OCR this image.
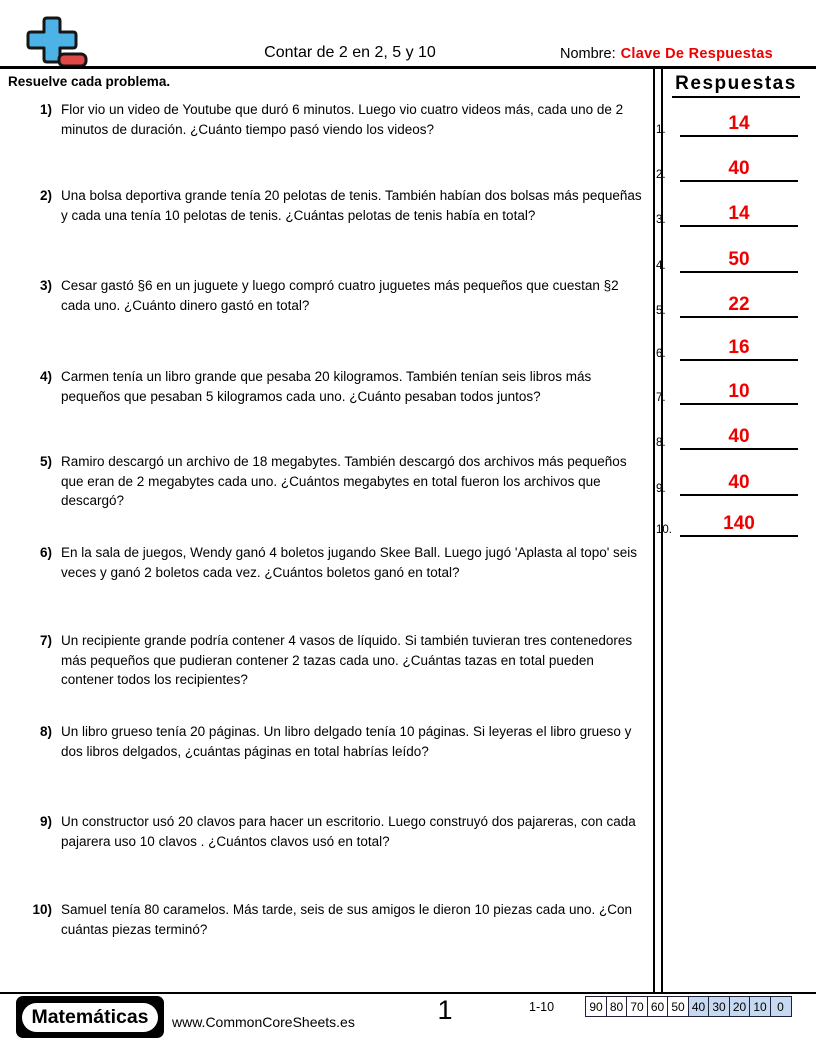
Contar de 2 en 2, 5 y 10	Nombre: Clave De Respuestas
Resuelve cada problema.	Respuestas
1.	14
2.	40
3.	14
4.	50
5.	22
6.	16
7.	10
8.	40
9.	40
10.	140
1) Flor vio un video de Youtube que duró 6 minutos. Luego vio cuatro videos más, cada uno de 2 minutos de duración. ¿Cuánto tiempo pasó viendo los videos?
2) Una bolsa deportiva grande tenía 20 pelotas de tenis. También habían dos bolsas más pequeñas y cada una tenía 10 pelotas de tenis. ¿Cuántas pelotas de tenis había en total?
3) Cesar gastó §6 en un juguete y luego compró cuatro juguetes más pequeños que cuestan §2 cada uno. ¿Cuánto dinero gastó en total?
4) Carmen tenía un libro grande que pesaba 20 kilogramos. También tenían seis libros más pequeños que pesaban 5 kilogramos cada uno. ¿Cuánto pesaban todos juntos?
5) Ramiro descargó un archivo de 18 megabytes. También descargó dos archivos más pequeños que eran de 2 megabytes cada uno. ¿Cuántos megabytes en total fueron los archivos que descargó?
6) En la sala de juegos, Wendy ganó 4 boletos jugando Skee Ball. Luego jugó 'Aplasta al topo' seis veces y ganó 2 boletos cada vez. ¿Cuántos boletos ganó en total?
7) Un recipiente grande podría contener 4 vasos de líquido. Si también tuvieran tres contenedores más pequeños que pudieran contener 2 tazas cada uno. ¿Cuántas tazas en total pueden contener todos los recipientes?
8) Un libro grueso tenía 20 páginas. Un libro delgado tenía 10 páginas. Si leyeras el libro grueso y dos libros delgados, ¿cuántas páginas en total habrías leído?
9) Un constructor usó 20 clavos para hacer un escritorio. Luego construyó dos pajareras, con cada pajarera uso 10 clavos . ¿Cuántos clavos usó en total?
10) Samuel tenía 80 caramelos. Más tarde, seis de sus amigos le dieron 10 piezas cada uno. ¿Con cuántas piezas terminó?
Matemáticas	www.CommonCoreSheets.es	1	1-10	90 80 70 60 50 40 30 20 10 0
